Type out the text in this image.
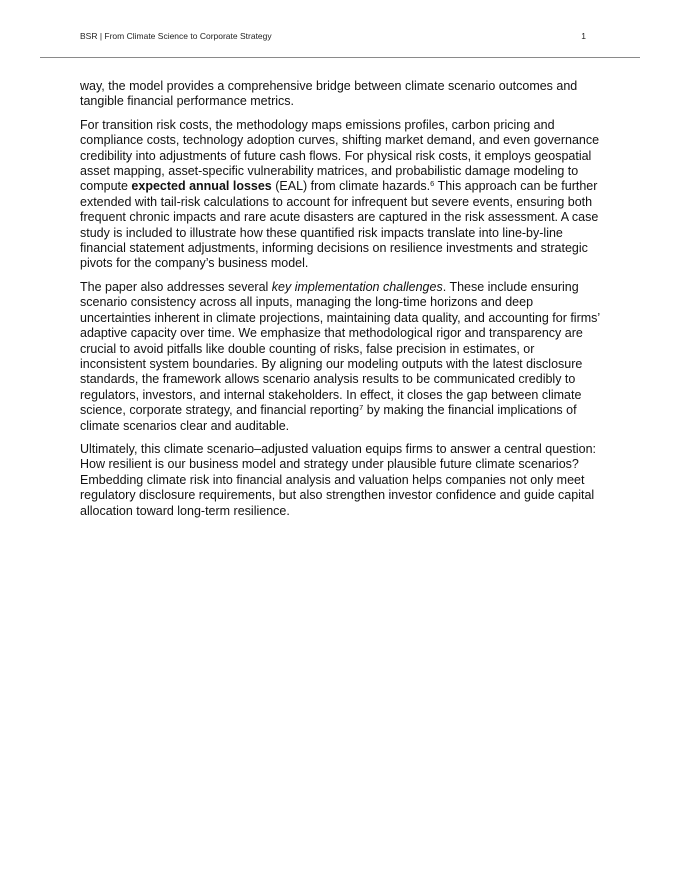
BSR | From Climate Science to Corporate Strategy	1

way, the model provides a comprehensive bridge between climate scenario outcomes and tangible financial performance metrics.

For transition risk costs, the methodology maps emissions profiles, carbon pricing and compliance costs, technology adoption curves, shifting market demand, and even governance credibility into adjustments of future cash flows. For physical risk costs, it employs geospatial asset mapping, asset-specific vulnerability matrices, and probabilistic damage modeling to compute expected annual losses (EAL) from climate hazards.$^6$ This approach can be further extended with tail-risk calculations to account for infrequent but severe events, ensuring both frequent chronic impacts and rare acute disasters are captured in the risk assessment. A case study is included to illustrate how these quantified risk impacts translate into line-by-line financial statement adjustments, informing decisions on resilience investments and strategic pivots for the company’s business model.

The paper also addresses several key implementation challenges. These include ensuring scenario consistency across all inputs, managing the long-time horizons and deep uncertainties inherent in climate projections, maintaining data quality, and accounting for firms’ adaptive capacity over time. We emphasize that methodological rigor and transparency are crucial to avoid pitfalls like double counting of risks, false precision in estimates, or inconsistent system boundaries. By aligning our modeling outputs with the latest disclosure standards, the framework allows scenario analysis results to be communicated credibly to regulators, investors, and internal stakeholders. In effect, it closes the gap between climate science, corporate strategy, and financial reporting$^7$ by making the financial implications of climate scenarios clear and auditable.

Ultimately, this climate scenario–adjusted valuation equips firms to answer a central question: How resilient is our business model and strategy under plausible future climate scenarios? Embedding climate risk into financial analysis and valuation helps companies not only meet regulatory disclosure requirements, but also strengthen investor confidence and guide capital allocation toward long-term resilience.
